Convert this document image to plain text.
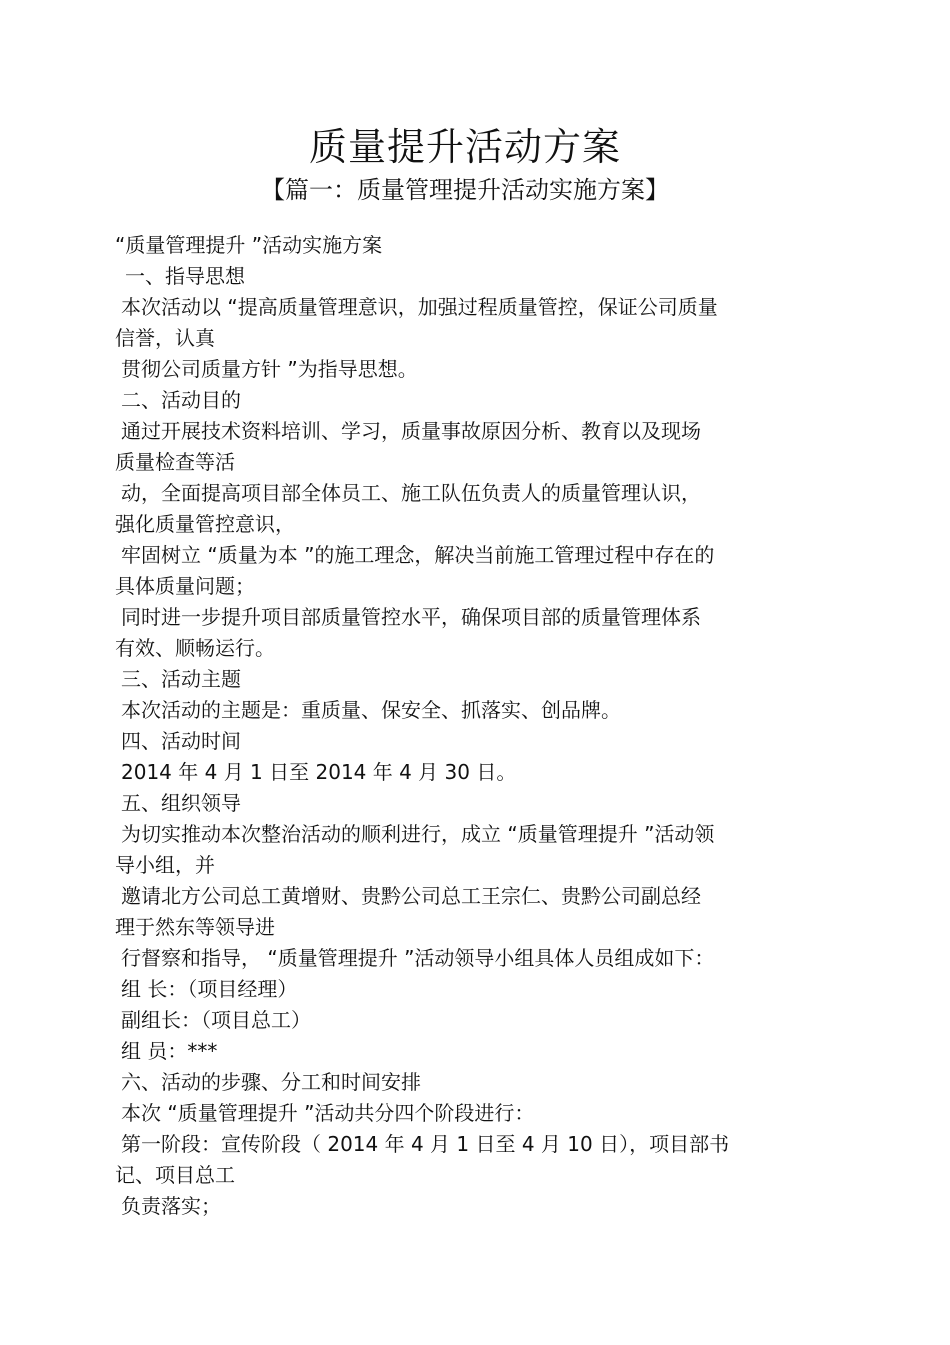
质量提升活动方案
【篇一：质量管理提升活动实施方案】
“质量管理提升 ”活动实施方案
一、指导思想
本次活动以 “提高质量管理意识，加强过程质量管控，保证公司质量
信誉，认真
贯彻公司质量方针 ”为指导思想。
二、活动目的
通过开展技术资料培训、学习，质量事故原因分析、教育以及现场
质量检查等活
动，全面提高项目部全体员工、施工队伍负责人的质量管理认识，
强化质量管控意识，
牢固树立 “质量为本 ”的施工理念，解决当前施工管理过程中存在的
具体质量问题；
同时进一步提升项目部质量管控水平，确保项目部的质量管理体系
有效、顺畅运行。
三、活动主题
本次活动的主题是：重质量、保安全、抓落实、创品牌。
四、活动时间
2014 年 4 月 1 日至 2014 年 4 月 30 日。
五、组织领导
为切实推动本次整治活动的顺利进行，成立 “质量管理提升 ”活动领
导小组，并
邀请北方公司总工黄增财、贵黔公司总工王宗仁、贵黔公司副总经
理于然东等领导进
行督察和指导， “质量管理提升 ”活动领导小组具体人员组成如下：
组 长：（项目经理）
副组长：（项目总工）
组 员：***
六、活动的步骤、分工和时间安排
本次 “质量管理提升 ”活动共分四个阶段进行：
第一阶段：宣传阶段（ 2014 年 4 月 1 日至 4 月 10 日），项目部书
记、项目总工
负责落实；
